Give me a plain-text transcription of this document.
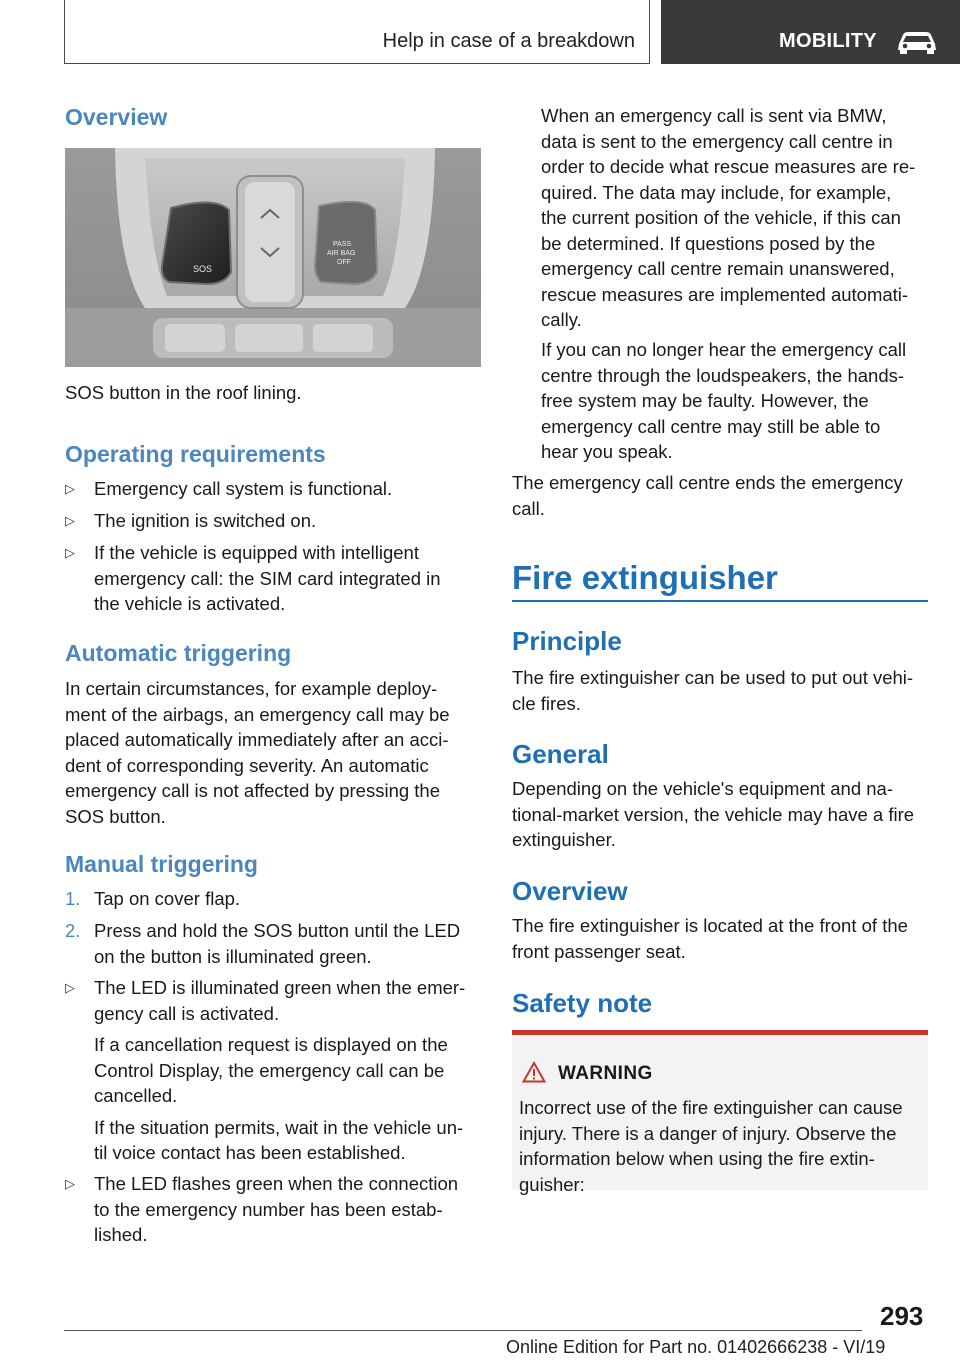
Help in case of a breakdown	MOBILITY
Overview
SOS
PASS
AIR BAG
OFF

SOS button in the roof lining.

Operating requirements
▷ Emergency call system is functional.
▷ The ignition is switched on.
▷ If the vehicle is equipped with intelligent
emergency call: the SIM card integrated in
the vehicle is activated.
Automatic triggering

In certain circumstances, for example deploy-

ment of the airbags, an emergency call may be

placed automatically immediately after an acci-

dent of corresponding severity. An automatic

emergency call is not affected by pressing the

SOS button.

Manual triggering
1. Tap on cover flap.
2. Press and hold the SOS button until the LED
on the button is illuminated green.
▷ The LED is illuminated green when the emer-
gency call is activated.
If a cancellation request is displayed on the
Control Display, the emergency call can be
cancelled.
If the situation permits, wait in the vehicle un-
til voice contact has been established.
▷ The LED flashes green when the connection
to the emergency number has been estab-
lished.

When an emergency call is sent via BMW,

data is sent to the emergency call centre in

order to decide what rescue measures are re-

quired. The data may include, for example,

the current position of the vehicle, if this can

be determined. If questions posed by the

emergency call centre remain unanswered,

rescue measures are implemented automati-

cally.

If you can no longer hear the emergency call

centre through the loudspeakers, the hands-

free system may be faulty. However, the

emergency call centre may still be able to

hear you speak.

The emergency call centre ends the emergency

call.

Fire extinguisher
Principle

The fire extinguisher can be used to put out vehi-

cle fires.

General

Depending on the vehicle's equipment and na-

tional-market version, the vehicle may have a fire

extinguisher.

Overview

The fire extinguisher is located at the front of the

front passenger seat.

Safety note
WARNING
Incorrect use of the fire extinguisher can cause
injury. There is a danger of injury. Observe the
information below when using the fire extin-
guisher:
293
Online Edition for Part no. 01402666238 - VI/19
